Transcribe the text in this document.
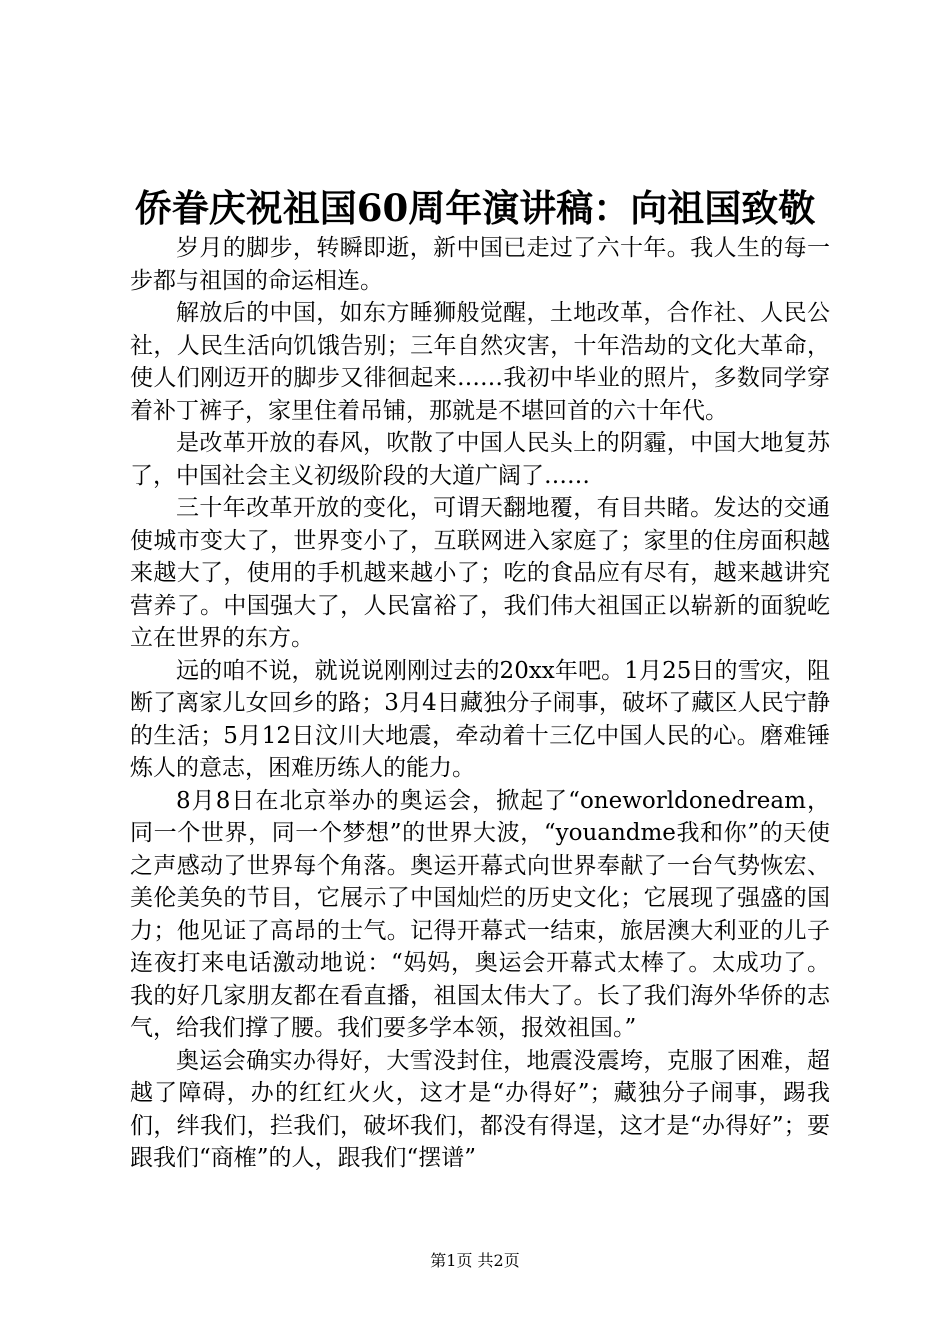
侨眷庆祝祖国60周年演讲稿：向祖国致敬

岁月的脚步，转瞬即逝，新中国已走过了六十年。我人生的每一步都与祖国的命运相连。

解放后的中国，如东方睡狮般觉醒，土地改革，合作社、人民公社，人民生活向饥饿告别；三年自然灾害，十年浩劫的文化大革命，使人们刚迈开的脚步又徘徊起来……我初中毕业的照片，多数同学穿着补丁裤子，家里住着吊铺，那就是不堪回首的六十年代。

是改革开放的春风，吹散了中国人民头上的阴霾，中国大地复苏了，中国社会主义初级阶段的大道广阔了……

三十年改革开放的变化，可谓天翻地覆，有目共睹。发达的交通使城市变大了，世界变小了，互联网进入家庭了；家里的住房面积越来越大了，使用的手机越来越小了；吃的食品应有尽有，越来越讲究营养了。中国强大了，人民富裕了，我们伟大祖国正以崭新的面貌屹立在世界的东方。

远的咱不说，就说说刚刚过去的20xx年吧。1月25日的雪灾，阻断了离家儿女回乡的路；3月4日藏独分子闹事，破坏了藏区人民宁静的生活；5月12日汶川大地震，牵动着十三亿中国人民的心。磨难锤炼人的意志，困难历练人的能力。

8月8日在北京举办的奥运会，掀起了“oneworldonedream，同一个世界，同一个梦想”的世界大波，“youandme我和你”的天使之声感动了世界每个角落。奥运开幕式向世界奉献了一台气势恢宏、美伦美奂的节目，它展示了中国灿烂的历史文化；它展现了强盛的国力；他见证了高昂的士气。记得开幕式一结束，旅居澳大利亚的儿子连夜打来电话激动地说：“妈妈，奥运会开幕式太棒了。太成功了。我的好几家朋友都在看直播，祖国太伟大了。长了我们海外华侨的志气，给我们撑了腰。我们要多学本领，报效祖国。”

奥运会确实办得好，大雪没封住，地震没震垮，克服了困难，超越了障碍，办的红红火火，这才是“办得好”；藏独分子闹事，踢我们，绊我们，拦我们，破坏我们，都没有得逞，这才是“办得好”；要跟我们“商榷”的人，跟我们“摆谱”

第1页 共2页
